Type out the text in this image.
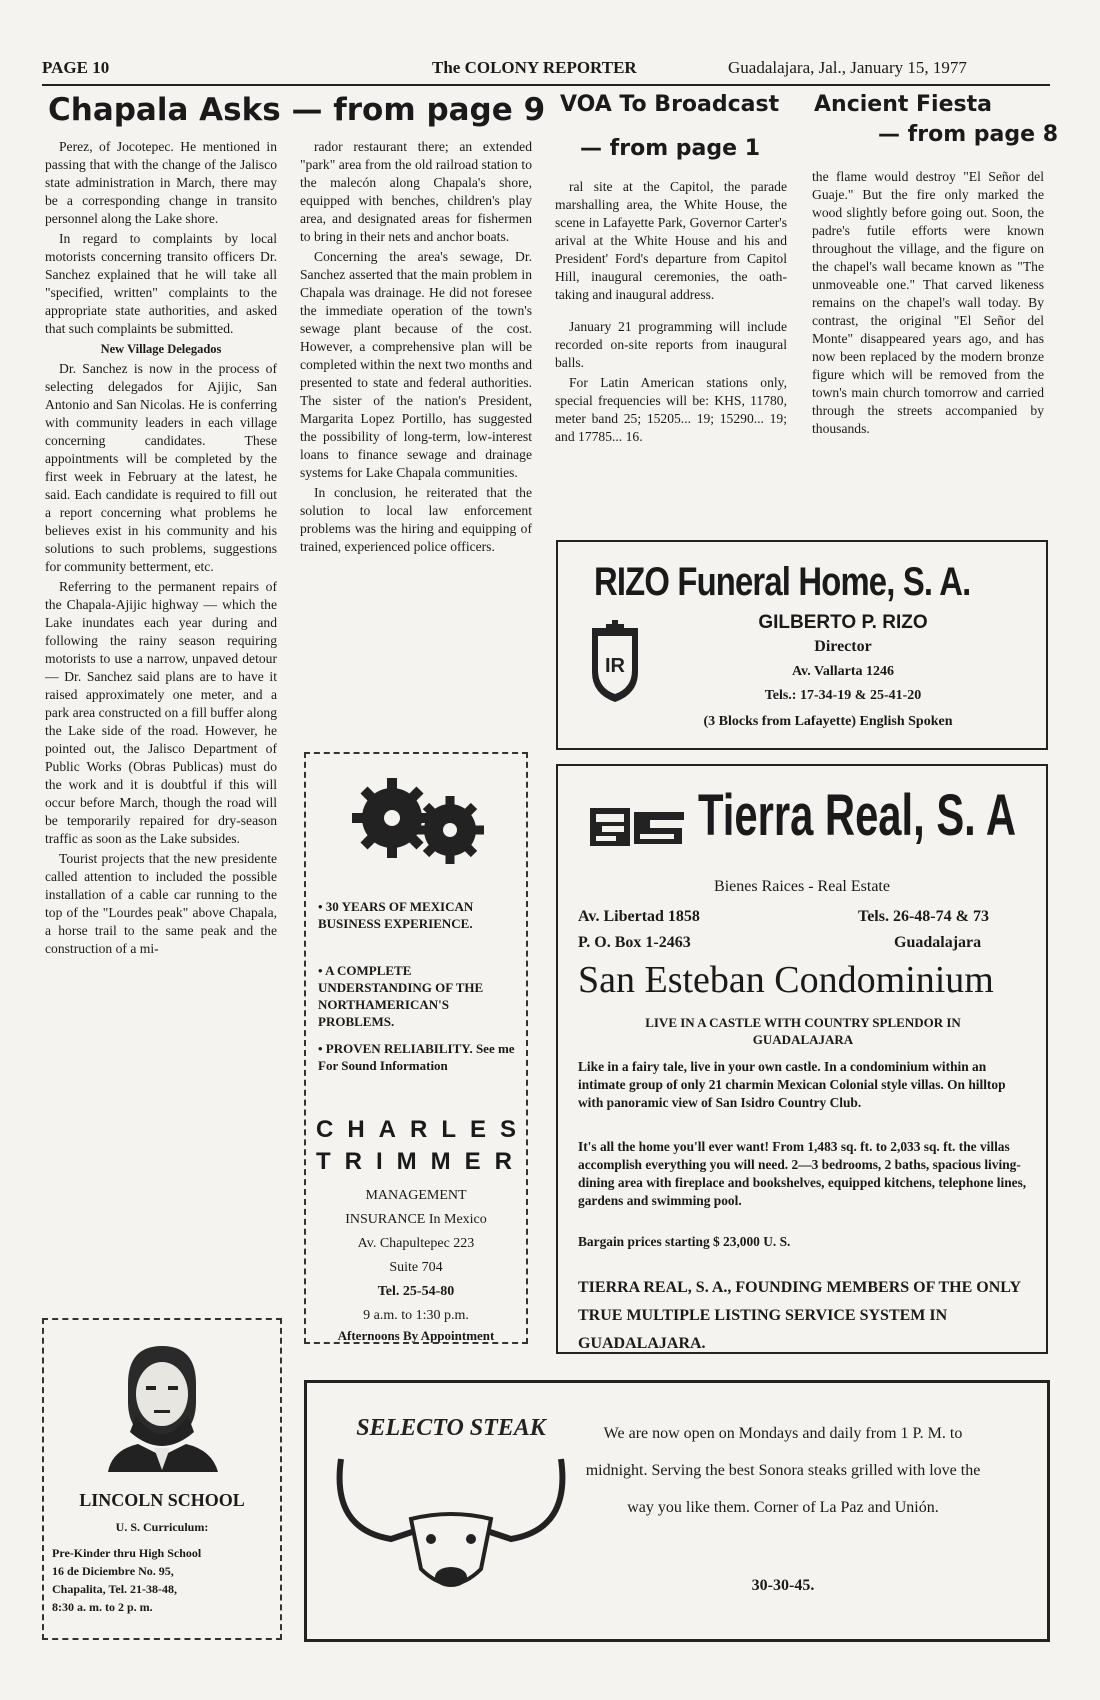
PAGE 10	The COLONY REPORTER	Guadalajara, Jal., January 15, 1977
Chapala Asks — from page 9

Perez, of Jocotepec. He mentioned in passing that with the change of the Jalisco state administration in March, there may be a corresponding change in transito personnel along the Lake shore.

In regard to complaints by local motorists concerning transito officers Dr. Sanchez explained that he will take all "specified, written" complaints to the appropriate state authorities, and asked that such complaints be submitted.

New Village Delegados

Dr. Sanchez is now in the process of selecting delegados for Ajijic, San Antonio and San Nicolas. He is conferring with community leaders in each village concerning candidates. These appointments will be completed by the first week in February at the latest, he said. Each candidate is required to fill out a report concerning what problems he believes exist in his community and his solutions to such problems, suggestions for community betterment, etc.

Referring to the permanent repairs of the Chapala-Ajijic highway — which the Lake inundates each year during and following the rainy season requiring motorists to use a narrow, unpaved detour — Dr. Sanchez said plans are to have it raised approximately one meter, and a park area constructed on a fill buffer along the Lake side of the road. However, he pointed out, the Jalisco Department of Public Works (Obras Publicas) must do the work and it is doubtful if this will occur before March, though the road will be temporarily repaired for dry-season traffic as soon as the Lake subsides.

Tourist projects that the new presidente called attention to included the possible installation of a cable car running to the top of the "Lourdes peak" above Chapala, a horse trail to the same peak and the construction of a mi-

rador restaurant there; an extended "park" area from the old railroad station to the malecón along Chapala's shore, equipped with benches, children's play area, and designated areas for fishermen to bring in their nets and anchor boats.

Concerning the area's sewage, Dr. Sanchez asserted that the main problem in Chapala was drainage. He did not foresee the immediate operation of the town's sewage plant because of the cost. However, a comprehensive plan will be completed within the next two months and presented to state and federal authorities. The sister of the nation's President, Margarita Lopez Portillo, has suggested the possibility of long-term, low-interest loans to finance sewage and drainage systems for Lake Chapala communities.

In conclusion, he reiterated that the solution to local law enforcement problems was the hiring and equipping of trained, experienced police officers.

VOA To Broadcast
— from page 1

ral site at the Capitol, the parade marshalling area, the White House, the scene in Lafayette Park, Governor Carter's arival at the White House and his and President' Ford's departure from Capitol Hill, inaugural ceremonies, the oath-taking and inaugural address.

January 21 programming will include recorded on-site reports from inaugural balls.

For Latin American stations only, special frequencies will be: KHS, 11780, meter band 25; 15205... 19; 15290... 19; and 17785... 16.

Ancient Fiesta
— from page 8

the flame would destroy "El Señor del Guaje." But the fire only marked the wood slightly before going out. Soon, the padre's futile efforts were known throughout the village, and the figure on the chapel's wall became known as "The unmoveable one." That carved likeness remains on the chapel's wall today. By contrast, the original "El Señor del Monte" disappeared years ago, and has now been replaced by the modern bronze figure which will be removed from the town's main church tomorrow and carried through the streets accompanied by thousands.

RIZO Funeral Home, S. A.
IR
GILBERTO P. RIZO
Director
Av. Vallarta 1246
Tels.: 17-34-19 & 25-41-20
(3 Blocks from Lafayette) English Spoken
Tierra Real, S. A
Bienes Raices - Real Estate
Av. Libertad 1858	Tels. 26-48-74 & 73
P. O. Box 1-2463	Guadalajara
San Esteban Condominium
LIVE IN A CASTLE WITH COUNTRY SPLENDOR IN GUADALAJARA
Like in a fairy tale, live in your own castle. In a condominium within an intimate group of only 21 charmin Mexican Colonial style villas. On hilltop with panoramic view of San Isidro Country Club.
It's all the home you'll ever want! From 1,483 sq. ft. to 2,033 sq. ft. the villas accomplish everything you will need. 2—3 bedrooms, 2 baths, spacious living-dining area with fireplace and bookshelves, equipped kitchens, telephone lines, gardens and swimming pool.
Bargain prices starting $ 23,000 U. S.
TIERRA REAL, S. A., FOUNDING MEMBERS OF THE ONLY TRUE MULTIPLE LISTING SERVICE SYSTEM IN GUADALAJARA.
• 30 YEARS OF MEXICAN BUSINESS EXPERIENCE.
• A COMPLETE UNDERSTANDING OF THE NORTHAMERICAN'S PROBLEMS.
• PROVEN RELIABILITY. See me For Sound Information
CHARLES
TRIMMER
MANAGEMENT
INSURANCE In Mexico
Av. Chapultepec 223
Suite 704
Tel. 25-54-80
9 a.m. to 1:30 p.m.
Afternoons By Appointment
LINCOLN SCHOOL
U. S. Curriculum:
Pre-Kinder thru High School
16 de Diciembre No. 95,
Chapalita, Tel. 21-38-48,
8:30 a. m. to 2 p. m.
SELECTO STEAK	We are now open on Mondays and daily from 1 P. M. to midnight. Serving the best Sonora steaks grilled with love the way you like them. Corner of La Paz and Unión.
30-30-45.
